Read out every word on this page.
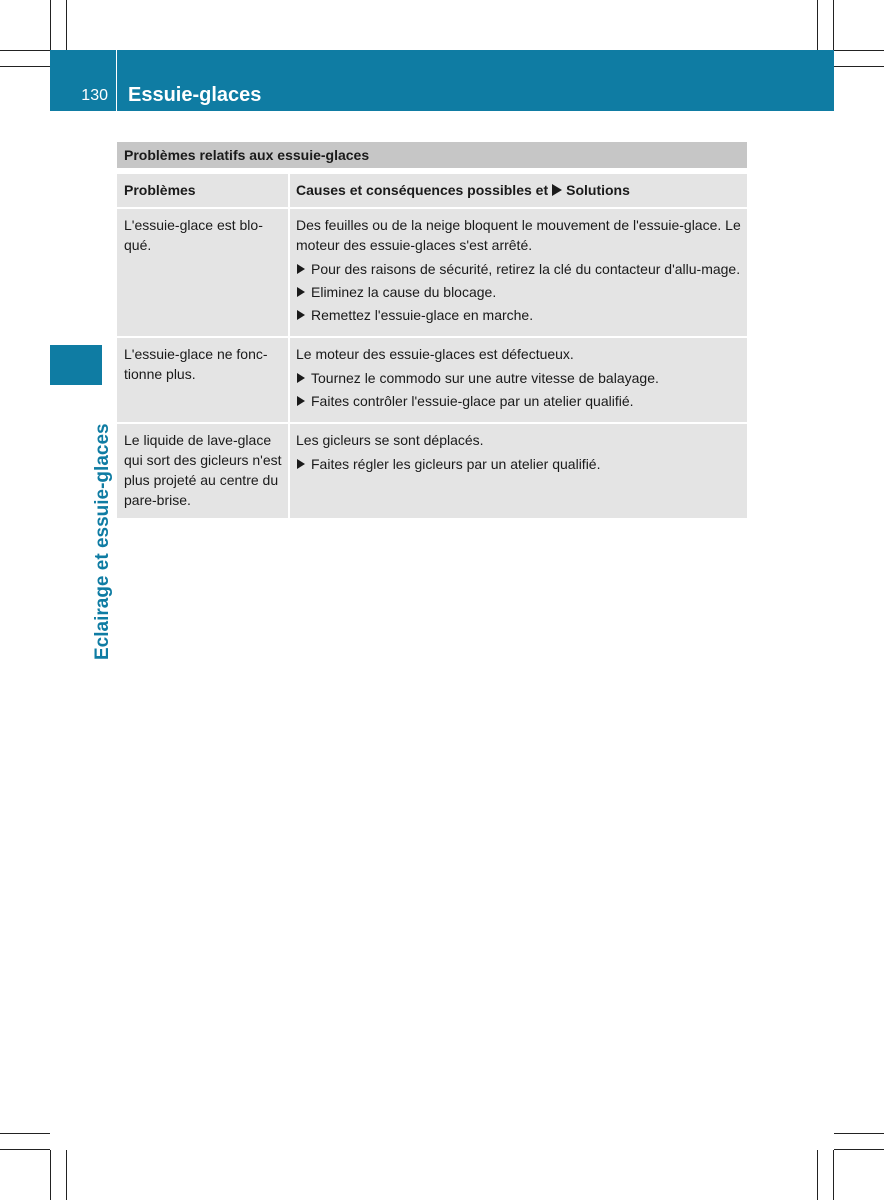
130 Essuie-glaces
Eclairage et essuie-glaces
Problèmes relatifs aux essuie-glaces
Problèmes	Causes et conséquences possibles et Solutions
L'essuie-glace est blo-qué.	Des feuilles ou de la neige bloquent le mouvement de l'essuie-glace. Le moteur des essuie-glaces s'est arrêté.
Pour des raisons de sécurité, retirez la clé du contacteur d'allu-mage.
Eliminez la cause du blocage.
Remettez l'essuie-glace en marche.

L'essuie-glace ne fonc-tionne plus.	Le moteur des essuie-glaces est défectueux.
Tournez le commodo sur une autre vitesse de balayage.
Faites contrôler l'essuie-glace par un atelier qualifié.

Le liquide de lave-glace qui sort des gicleurs n'est plus projeté au centre du pare-brise.	Les gicleurs se sont déplacés.
Faites régler les gicleurs par un atelier qualifié.
